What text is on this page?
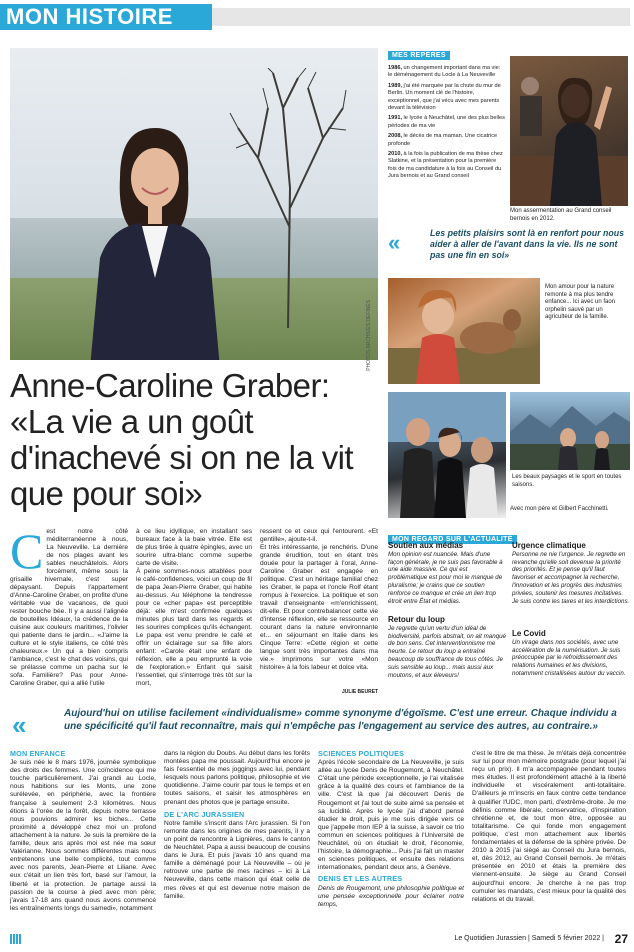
MON HISTOIRE
PHOTOS ARCHIVES DEFINES
Anne-Caroline Graber: «La vie a un goût d'inachevé si on ne la vit que pour soi»
MES REPÈRES
1986, un changement important dans ma vie: le déménagement du Locle à La Neuveville
1989, j'ai été marquée par la chute du mur de Berlin. Un moment clé de l'histoire, exceptionnel, que j'ai vécu avec mes parents devant la télévision
1991, le lycée à Neuchâtel, une des plus belles périodes de ma vie
2008, le décès de ma maman. Une cicatrice profonde
2010, à la fois la publication de ma thèse chez Slatkine, et la présentation pour la première fois de ma candidature à la fois au Conseil du Jura bernois et au Grand conseil
Mon assermentation au Grand conseil bernois en 2012.
«	Les petits plaisirs sont là en renfort pour nous aider à aller de l'avant dans la vie. Ils ne sont pas une fin en soi»

Mon amour pour la nature remonte à ma plus tendre enfance... Ici avec un faon orphelin sauvé par un agriculteur de la famille.
Les beaux paysages et le sport en toutes saisons.
Avec mon père et Gilbert Facchinetti.
C est notre côté méditerranéenne à nous, La Neuveville. La dernière de nos plages avant les sables neuchâtelois. Alors forcément, même sous la grisaille hivernale, c'est super dépaysant. Depuis l'appartement d'Anne-Caroline Graber, on profite d'une véritable vue de vacances, de quoi rester bouche bée. Il y a aussi l'alignée de bouteilles Idéaux, la crédence de la cuisine aux couleurs maritimes, l'olivier qui patiente dans le jardin... «J'aime la culture et le style italiens, ce côté très chaleureux.» Un qui a bien compris l'ambiance, c'est le chat des voisins, qui se prélasse comme un pacha sur le sofa. Familière? Pas pour Anne-Caroline Graber, qui a allié l'utile
à ce lieu idyllique, en installant ses bureaux face à la baie vitrée. Elle est de plus tirée à quatre épingles, avec un sourire ultra-blanc comme superbe carte de visite.
À peine sommes-nous attablées pour le café-confidences, voici un coup de fil de papa Jean-Pierre Graber, qui habite au-dessus. Au téléphone la tendresse pour ce «cher papa» est perceptible déjà: elle m'est confirmée quelques minutes plus tard dans les regards et les sourires complices qu'ils échangent. Le papa est venu prendre le café et offrir un éclairage sur sa fille alors enfant: «Carole était une enfant de réflexion, elle a peu emprunté la voie de l'exploration.» Enfant qui saisit l'essentiel, qui s'interroge très tôt sur la mort,
ressent ce et ceux qui l'entourent. «Et gentille», ajoute-t-il.
Et très intéressante, je renchéris. D'une grande érudition, tout en étant très douée pour la partager à l'oral, Anne-Caroline Graber est engagée en politique. C'est un héritage familial chez les Graber, le papa et l'oncle Rolf étant rompus à l'exercice. La politique et son travail d'enseignante «m'enrichissent, dit-elle. Et pour contrebalancer cette vie d'intense réflexion, elle se ressource en courant dans la nature environnante et... en séjournant en Italie dans les Cinque Terre: «Cette région et cette langue sont très importantes dans ma vie.» Imprimons sur votre «Mon histoire» à la fois labeur et dolce vita.
JULIE BEURET
MON REGARD SUR L'ACTUALITÉ
Soutien aux médias

Mon opinion est nuancée. Mais d'une façon générale, je ne suis pas favorable à une aide massive. Ce qui est problématique est pour moi le manque de pluralisme; je crains que ce soutien renforce ce manque et crée un lien trop étroit entre État et médias.

Urgence climatique

Personne ne nie l'urgence. Je regrette en revanche qu'elle soit devenue la priorité des priorités. Et je pense qu'il faut favoriser et accompagner la recherche, l'innovation et les progrès des industries privées, soutenir les mesures incitatives. Je suis contre les taxes et les interdictions.

Retour du loup

Je regrette qu'un vertu d'un idéal de biodiversité, parfois abstrait, on ait manqué de bon sens. Cet interventionnisme me heurte. Le retour du loup a entraîné beaucoup de souffrance de tous côtés. Je suis sensible au loup... mais aussi aux moutons, et aux éleveurs!

Le Covid

Un virage dans nos sociétés, avec une accélération de la numérisation. Je suis préoccupée par le refroidissement des relations humaines et les divisions, notamment cristallisées autour du vaccin.

«	Aujourd'hui on utilise facilement «individualisme» comme synonyme d'égoïsme. C'est une erreur. Chaque individu a une spécificité qu'il faut reconnaître, mais qui n'empêche pas l'engagement au service des autres, au contraire.»

MON ENFANCE

Je suis née le 8 mars 1976, journée symbolique des droits des femmes. Une coïncidence qui me touche particulièrement. J'ai grandi au Locle, nous habitions sur les Monts, une zone surélevée, en périphérie, avec la frontière française à seulement 2-3 kilomètres. Nous étions à l'orée de la forêt, depuis notre terrasse nous pouvions admirer les biches... Cette proximité a développé chez moi un profond attachement à la nature. Je suis la première de la famille, deux ans après moi est née ma sœur Valérianne. Nous sommes différentes mais nous entretenons une belle complicité, tout comme avec nos parents, Jean-Pierre et Liliane. Avec eux c'était un lien très fort, basé sur l'amour, la liberté et la protection. Je partage aussi la passion de la course à pied avec mon père; j'avais 17-18 ans quand nous avons commencé les entraînements longs du samedi», notamment

dans la région du Doubs. Au début dans les forêts montées papa me poussait. Aujourd'hui encore je fais l'essentiel de mes joggings avec lui, pendant lesquels nous parlons politique, philosophie et vie quotidienne. J'aime courir par tous le temps et en toutes saisons, et saisir les atmosphères en prenant des photos que je partage ensuite.

DE L'ARC JURASSIEN

Notre famille s'inscrit dans l'Arc jurassien. Si l'on remonte dans les origines de mes parents, il y a un point de rencontre à Lignières, dans le canton de Neuchâtel. Papa a aussi beaucoup de cousins dans le Jura. Et puis j'avais 10 ans quand ma famille a déménagé pour La Neuveville – où je retrouve une partie de mes racines – ici à La Neuveville, dans cette maison qui était celle de mes rêves et qui est devenue notre maison de famille.

SCIENCES POLITIQUES

Après l'école secondaire de La Neuveville, je suis allée au lycée Denis de Rougemont, à Neuchâtel. C'était une période exceptionnelle, je l'ai vitalisée grâce à la qualité des cours et l'ambiance de la ville. C'est là que j'ai découvert Denis de Rougemont et j'ai tout de suite aimé sa pensée et sa lucidité. Après le lycée j'ai d'abord pensé étudier le droit, puis je me suis dirigée vers ce que j'appelle mon IEP à la suisse, à savoir ce trio commun en sciences politiques à l'Université de Neuchâtel, où on étudiait le droit, l'économie, l'histoire, la démographie... Puis j'ai fait un master en sciences politiques, et ensuite des relations internationales, pendant deux ans, à Genève.

DENIS ET LES AUTRES

Denis de Rougemont, une philosophie politique et une pensée exceptionnelle pour éclairer notre temps,

c'est le titre de ma thèse. Je m'étais déjà concentrée sur lui pour mon mémoire postgrade (pour lequel j'ai reçu un prix). Il m'a accompagnée pendant toutes mes études. Il est profondément attaché à la liberté individuelle et viscéralement anti-totalitaire. D'ailleurs je m'inscris en faux contre cette tendance à qualifier l'UDC, mon parti, d'extrême-droite. Je me définis comme libérale, conservatrice, d'inspiration chrétienne et, de tout mon être, opposée au totalitarisme. Ce qui fonde mon engagement politique, c'est mon attachement aux libertés fondamentales et la défense de la sphère privée. De 2010 à 2015 j'ai siégé au Conseil du Jura bernois, et, dès 2012, au Grand Conseil bernois. Je m'étais présentée en 2010 et étais la première des viennent-ensuite. Je siège au Grand Conseil aujourd'hui encore. Je cherche à ne pas trop cumuler les mandats, c'est mieux pour la qualité des relations et du travail.

Le Quotidien Jurassien | Samedi 5 février 2022 | 27
